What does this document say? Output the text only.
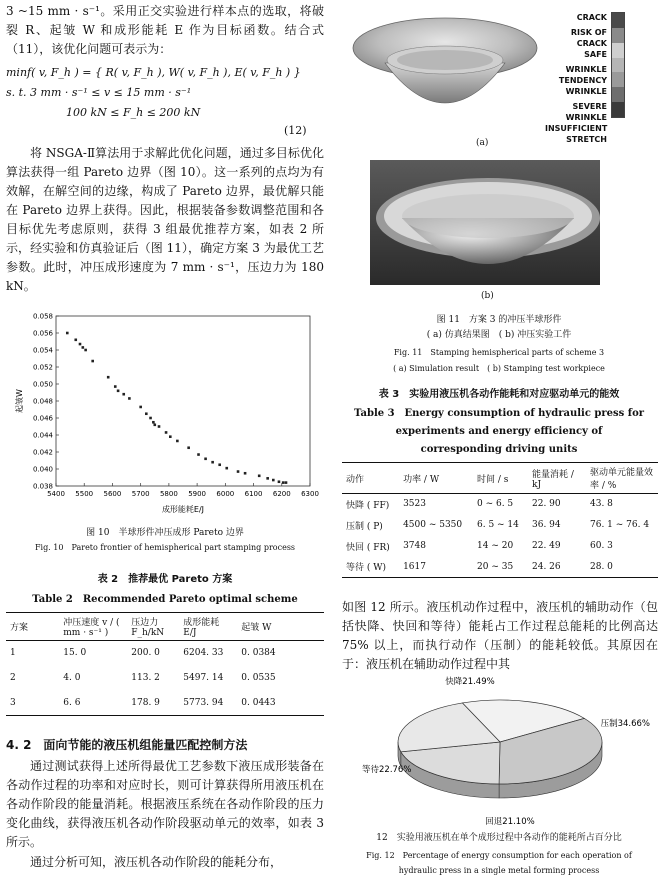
3 ~15 mm · s⁻¹。采用正交实验进行样本点的选取，将破裂 R、起皱 W 和成形能耗 E 作为目标函数。结合式（11），该优化问题可表示为：
minf( v, F_h ) = { R( v, F_h ), W( v, F_h ), E( v, F_h ) }
s. t. 3 mm · s⁻¹ ≤ v ≤ 15 mm · s⁻¹
100 kN ≤ F_h ≤ 200 kN
(12)
将 NSGA-Ⅱ算法用于求解此优化问题，通过多目标优化算法获得一组 Pareto 边界（图 10）。这一系列的点均为有效解，在解空间的边缘，构成了 Pareto 边界，最优解只能在 Pareto 边界上获得。因此，根据装备参数调整范围和各目标优先考虑原则，获得 3 组最优推荐方案，如表 2 所示，经实验和仿真验证后（图 11），确定方案 3 为最优工艺参数。此时，冲压成形速度为 7 mm · s⁻¹，压边力为 180 kN。
0.038
0.040
0.042
0.044
0.046
0.048
0.050
0.052
0.054
0.056
0.058
5400 5500 5600 5700 5800 5900 6000 6100 6200 6300
成形能耗E/J
起皱W
图 10　半球形件冲压成形 Pareto 边界
Fig. 10　Pareto frontier of hemispherical part stamping process
表 2　推荐最优 Pareto 方案
Table 2　Recommended Pareto optimal scheme
方案	冲压速度 v / ( mm · s⁻¹ )	压边力 F_h/kN	成形能耗 E/J	起皱 W
1	15. 0	200. 0	6204. 33	0. 0384
2	4. 0	113. 2	5497. 14	0. 0535
3	6. 6	178. 9	5773. 94	0. 0443
4. 2　面向节能的液压机组能量匹配控制方法
通过测试获得上述所得最优工艺参数下液压成形装备在各动作过程的功率和对应时长，则可计算获得所用液压机在各动作阶段的能量消耗。根据液压系统在各动作阶段的压力变化曲线，获得液压机各动作阶段驱动单元的效率，如表 3 所示。
通过分析可知，液压机各动作阶段的能耗分布，
CRACK
RISK OF CRACK
SAFE
WRINKLE TENDENCY
WRINKLE
SEVERE WRINKLE
INSUFFICIENT STRETCH
(a)
(b)
图 11　方案 3 的冲压半球形件
( a) 仿真结果图　( b) 冲压实验工件
Fig. 11　Stamping hemispherical parts of scheme 3
( a) Simulation result　( b) Stamping test workpiece
表 3　实验用液压机各动作能耗和对应驱动单元的能效
Table 3　Energy consumption of hydraulic press for
experiments and energy efficiency of
corresponding driving units
动作	功率 / W	时间 / s	能量消耗 / kJ	驱动单元能量效率 / %
快降 ( FF)	3523	0 ~ 6. 5	22. 90	43. 8
压制 ( P)	4500 ~ 5350	6. 5 ~ 14	36. 94	76. 1 ~ 76. 4
快回 ( FR)	3748	14 ~ 20	22. 49	60. 3
等待 ( W)	1617	20 ~ 35	24. 26	28. 0
如图 12 所示。液压机动作过程中，液压机的辅助动作（包括快降、快回和等待）能耗占工作过程总能耗的比例高达 75% 以上，而执行动作（压制）的能耗较低。其原因在于：液压机在辅助动作过程中其
快降21.49%
压制34.66%
回退21.10%
等待22.76%
12　实验用液压机在单个成形过程中各动作的能耗所占百分比
Fig. 12　Percentage of energy consumption for each operation of
hydraulic press in a single metal forming process
